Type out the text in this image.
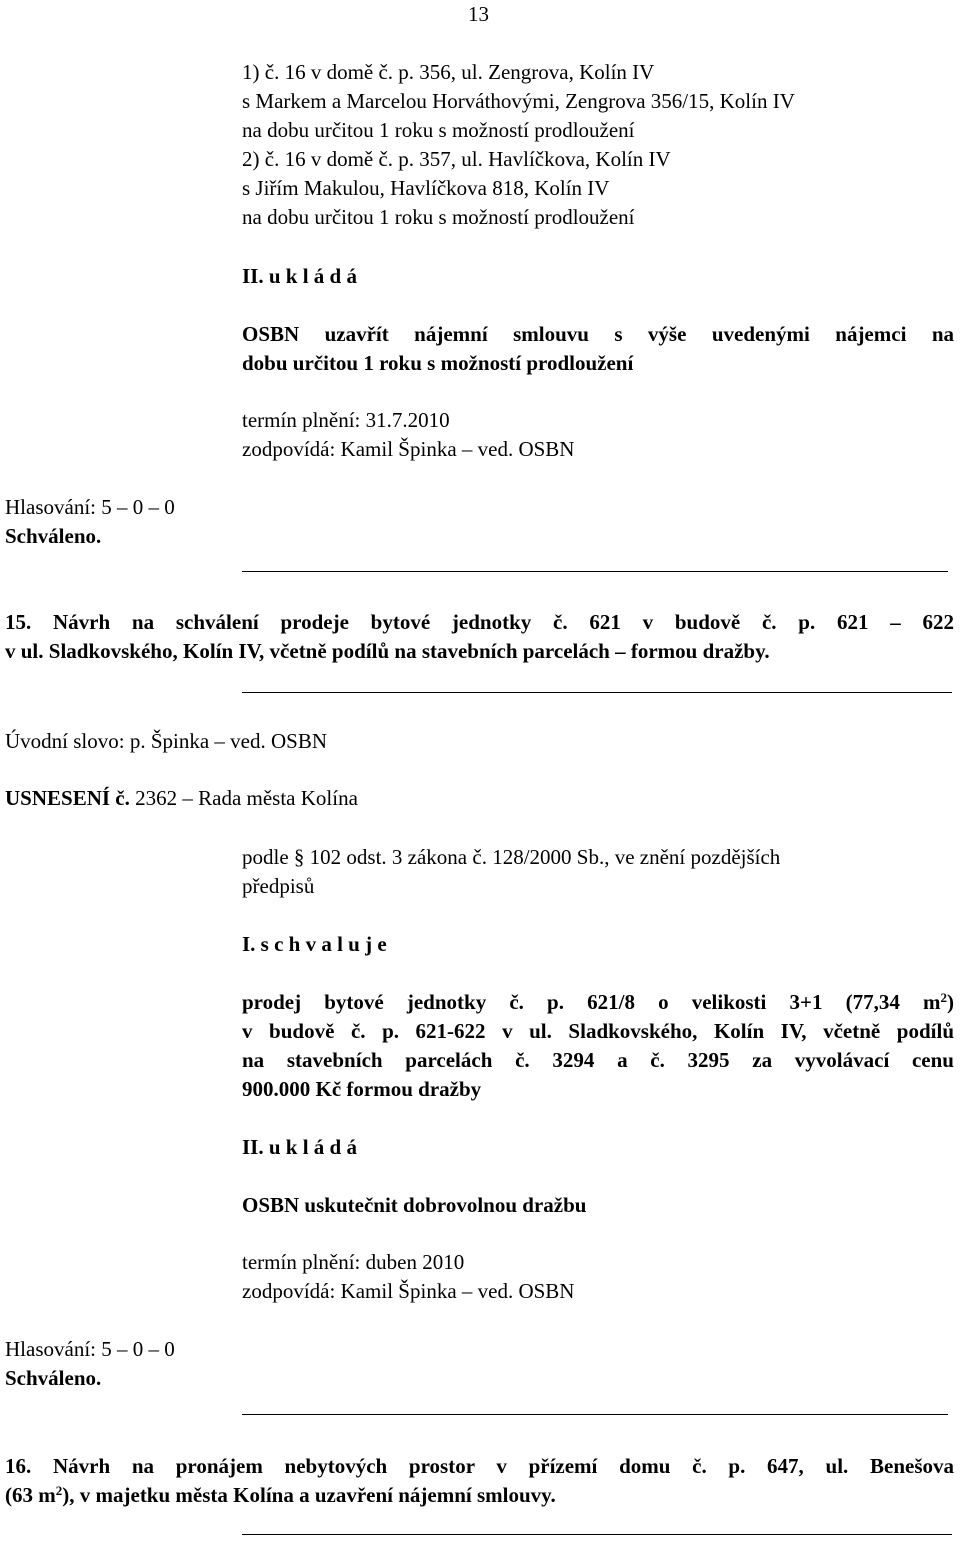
13
1) č. 16 v domě č. p. 356, ul. Zengrova, Kolín IV
s Markem a Marcelou Horváthovými, Zengrova 356/15, Kolín IV
na dobu určitou 1 roku s možností prodloužení
2) č. 16 v domě č. p. 357, ul. Havlíčkova, Kolín IV
s Jiřím Makulou, Havlíčkova 818, Kolín IV
na dobu určitou 1 roku s možností prodloužení
II. u k l á d á
OSBN uzavřít nájemní smlouvu s výše uvedenými nájemci na
dobu určitou 1 roku s možností prodloužení
termín plnění: 31.7.2010
zodpovídá: Kamil Špinka – ved. OSBN
Hlasování: 5 – 0 – 0
Schváleno.
15. Návrh na schválení prodeje bytové jednotky č. 621 v budově č. p. 621 – 622
v ul. Sladkovského, Kolín IV, včetně podílů na stavebních parcelách – formou dražby.
Úvodní slovo: p. Špinka – ved. OSBN
USNESENÍ č. 2362 – Rada města Kolína
podle § 102 odst. 3 zákona č. 128/2000 Sb., ve znění pozdějších
předpisů
I. s c h v a l u j e
prodej bytové jednotky č. p. 621/8 o velikosti 3+1 (77,34 $m^2$)
v budově č. p. 621-622 v ul. Sladkovského, Kolín IV, včetně podílů
na stavebních parcelách č. 3294 a č. 3295 za vyvolávací cenu
900.000 Kč formou dražby
II. u k l á d á
OSBN uskutečnit dobrovolnou dražbu
termín plnění: duben 2010
zodpovídá: Kamil Špinka – ved. OSBN
Hlasování: 5 – 0 – 0
Schváleno.
16. Návrh na pronájem nebytových prostor v přízemí domu č. p. 647, ul. Benešova
(63 $m^2$), v majetku města Kolína a uzavření nájemní smlouvy.
